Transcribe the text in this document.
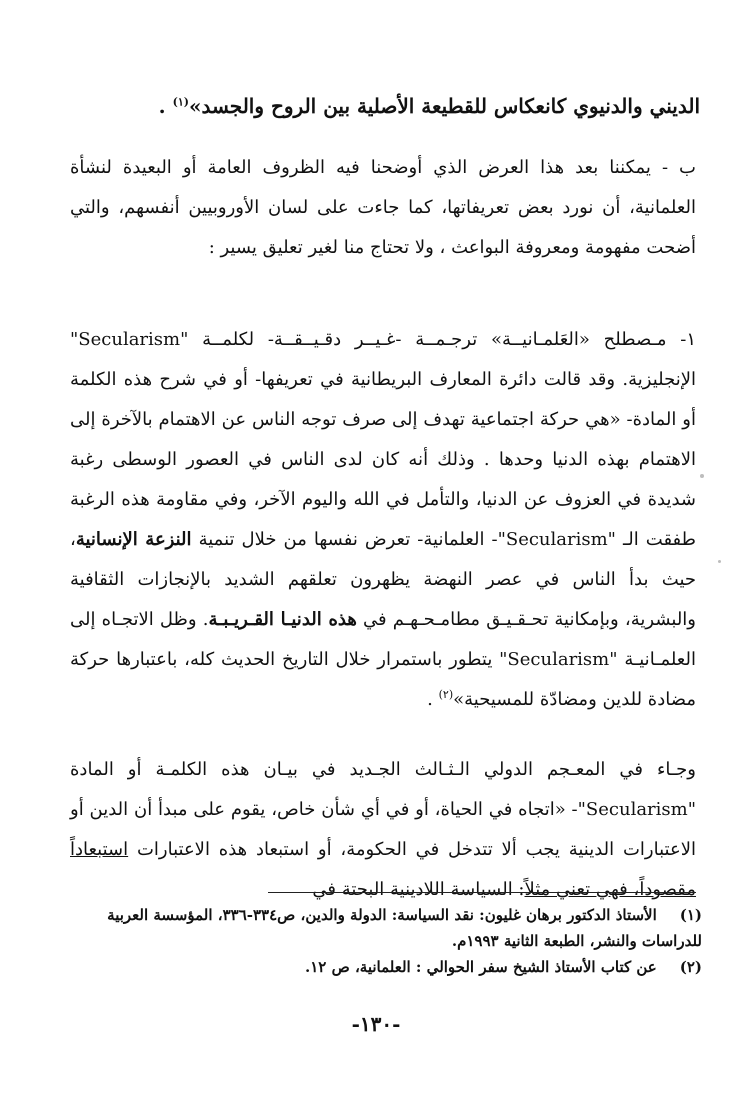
الديني والدنيوي كانعكاس للقطيعة الأصلية بين الروح والجسد»$^{(١)}$ .

ب - يمكننا بعد هذا العرض الذي أوضحنا فيه الظروف العامة أو البعيدة لنشأة العلمانية، أن نورد بعض تعريفاتها، كما جاءت على لسان الأوروبيين أنفسهم، والتي أضحت مفهومة ومعروفة البواعث ، ولا تحتاج منا لغير تعليق يسير :

١- مـصطلح «العَلمـانيــة» ترجـمــة -غـيــر دقـيــقــة- لكلمــة "Secularism" الإنجليزية. وقد قالت دائرة المعارف البريطانية في تعريفها- أو في شرح هذه الكلمة أو المادة- «هي حركة اجتماعية تهدف إلى صرف توجه الناس عن الاهتمام بالآخرة إلى الاهتمام بهذه الدنيا وحدها . وذلك أنه كان لدى الناس في العصور الوسطى رغبة شديدة في العزوف عن الدنيا، والتأمل في الله واليوم الآخر، وفي مقاومة هذه الرغبة طفقت الـ "Secularism"- العلمانية- تعرض نفسها من خلال تنمية النزعة الإنسانية، حيث بدأ الناس في عصر النهضة يظهرون تعلقهم الشديد بالإنجازات الثقافية والبشرية، وبإمكانية تحـقـيـق مطامـحـهـم في هذه الدنيـا القـريـبـة. وظل الاتجـاه إلى العلمـانيـة "Secularism" يتطور باستمرار خلال التاريخ الحديث كله، باعتبارها حركة مضادة للدين ومضادّة للمسيحية»$^{(٢)}$ .

وجـاء في المعـجم الدولي الـثـالث الجـديد في بيـان هذه الكلمـة أو المادة "Secularism"- «اتجاه في الحياة، أو في أي شأن خاص، يقوم على مبدأ أن الدين أو الاعتبارات الدينية يجب ألا تتدخل في الحكومة، أو استبعاد هذه الاعتبارات استبعاداً مقصوداً، فهي تعني مثلاً: السياسة اللادينية البحتة في

(١) الأستاذ الدكتور برهان غليون: نقد السياسة: الدولة والدين، ص٣٣٤-٣٣٦، المؤسسة العربية للدراسات والنشر، الطبعة الثانية ١٩٩٣م.

(٢) عن كتاب الأستاذ الشيخ سفر الحوالي : العلمانية، ص ١٢.

-١٣٠-
